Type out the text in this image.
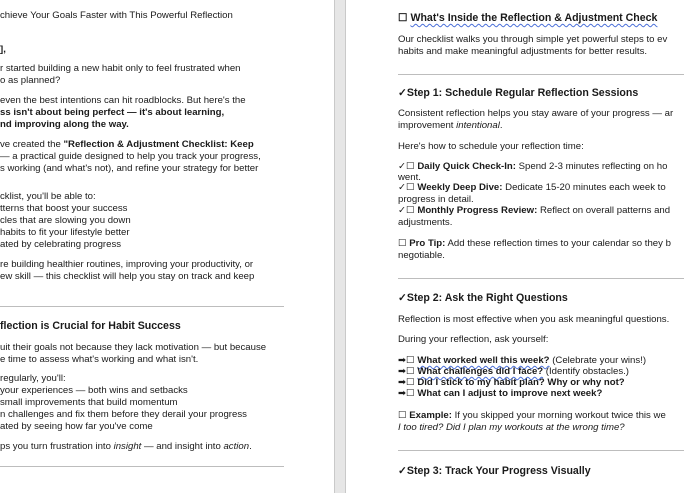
chieve Your Goals Faster with This Powerful Reflection
],
r started building a new habit only to feel frustrated when
o as planned?
even the best intentions can hit roadblocks. But here's the
ss isn't about being perfect — it's about learning,
nd improving along the way.
ve created the "Reflection & Adjustment Checklist: Keep
— a practical guide designed to help you track your progress,
s working (and what's not), and refine your strategy for better
cklist, you'll be able to:
tterns that boost your success
cles that are slowing you down
habits to fit your lifestyle better
ated by celebrating progress
re building healthier routines, improving your productivity, or
ew skill — this checklist will help you stay on track and keep
flection is Crucial for Habit Success
uit their goals not because they lack motivation — but because
e time to assess what's working and what isn't.
regularly, you'll:
your experiences — both wins and setbacks
small improvements that build momentum
n challenges and fix them before they derail your progress
ated by seeing how far you've come
ps you turn frustration into insight — and insight into action.
☐ What's Inside the Reflection & Adjustment Check
Our checklist walks you through simple yet powerful steps to ev
habits and make meaningful adjustments for better results.
✓Step 1: Schedule Regular Reflection Sessions
Consistent reflection helps you stay aware of your progress — ar
improvement intentional.
Here's how to schedule your reflection time:
✓☐ Daily Quick Check-In: Spend 2-3 minutes reflecting on ho
went.
✓☐ Weekly Deep Dive: Dedicate 15-20 minutes each week to
progress in detail.
✓☐ Monthly Progress Review: Reflect on overall patterns and
adjustments.
☐ Pro Tip: Add these reflection times to your calendar so they b
negotiable.
✓Step 2: Ask the Right Questions
Reflection is most effective when you ask meaningful questions.
During your reflection, ask yourself:
➡☐ What worked well this week? (Celebrate your wins!)
➡☐ What challenges did I face? (Identify obstacles.)
➡☐ Did I stick to my habit plan? Why or why not?
➡☐ What can I adjust to improve next week?
☐ Example: If you skipped your morning workout twice this we
I too tired? Did I plan my workouts at the wrong time?
✓Step 3: Track Your Progress Visually
